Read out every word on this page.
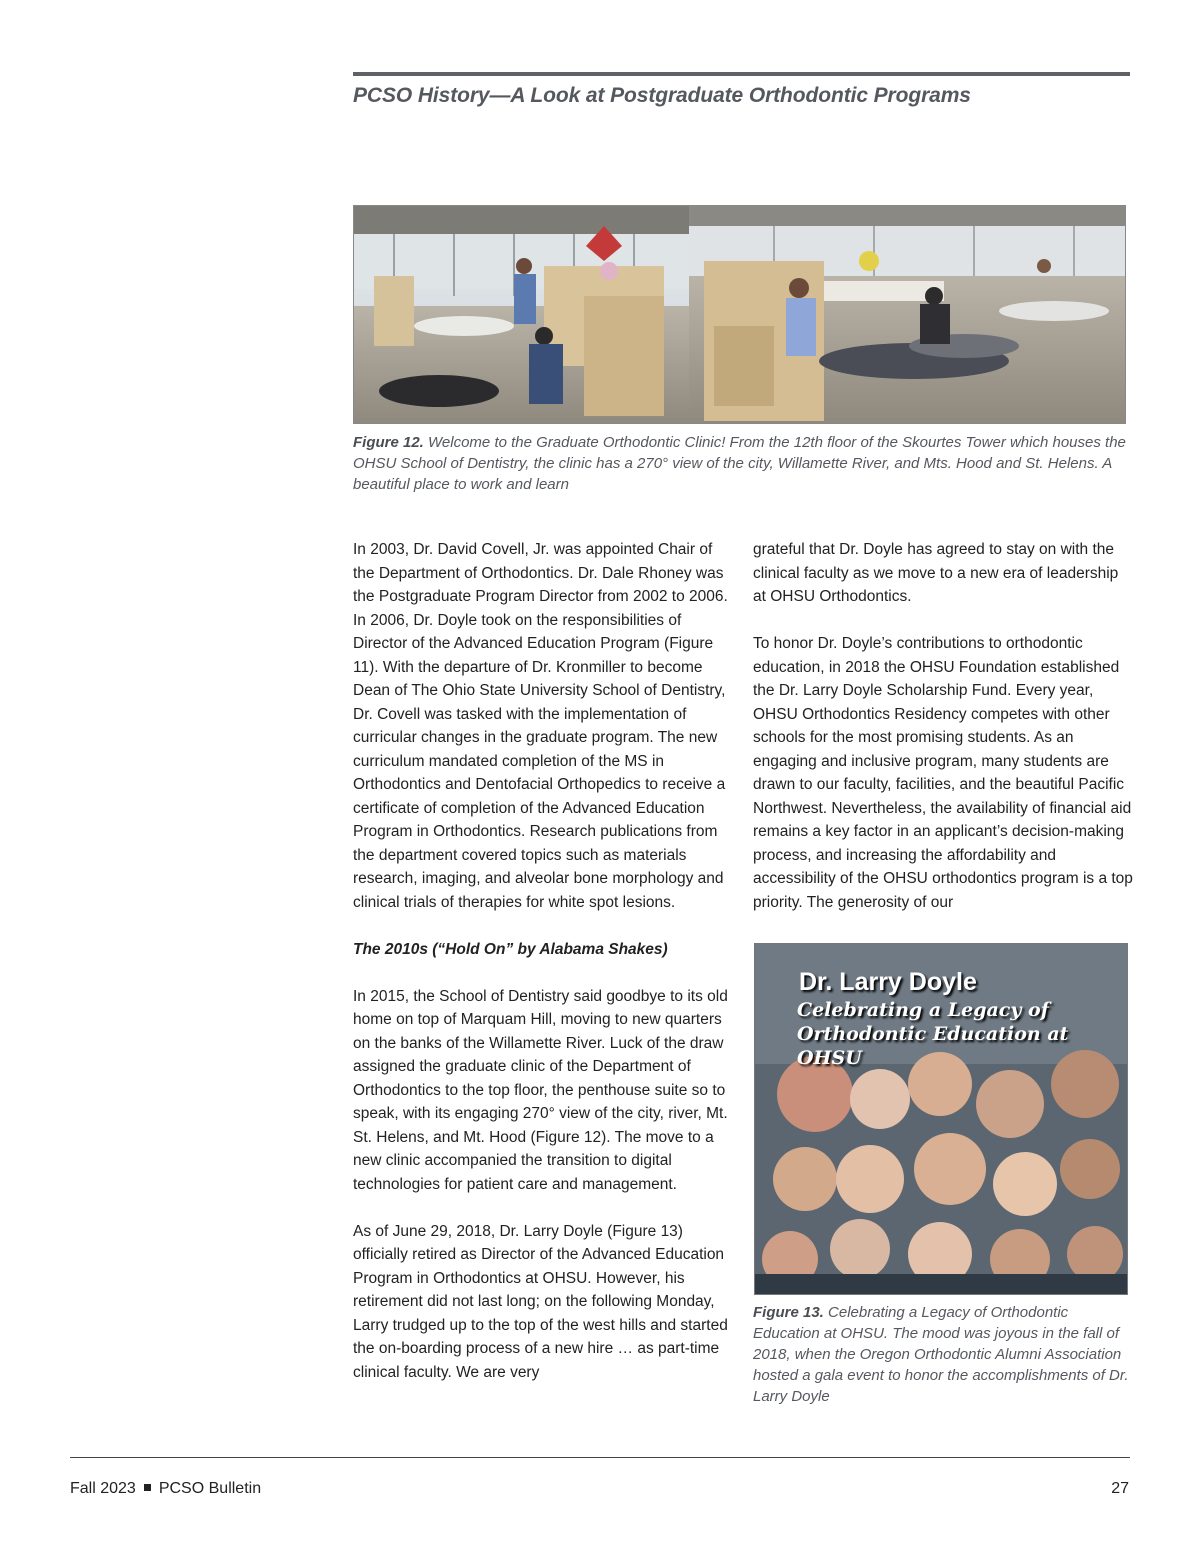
PCSO History—A Look at Postgraduate Orthodontic Programs

Figure 12. Welcome to the Graduate Orthodontic Clinic! From the 12th floor of the Skourtes Tower which houses the OHSU School of Dentistry, the clinic has a 270° view of the city, Willamette River, and Mts. Hood and St. Helens. A beautiful place to work and learn

In 2003, Dr. David Covell, Jr. was appointed Chair of the Department of Orthodontics. Dr. Dale Rhoney was the Postgraduate Program Director from 2002 to 2006. In 2006, Dr. Doyle took on the responsibilities of Director of the Advanced Education Program (Figure 11). With the departure of Dr. Kronmiller to become Dean of The Ohio State University School of Dentistry, Dr. Covell was tasked with the implementation of curricular changes in the graduate program. The new curriculum mandated completion of the MS in Orthodontics and Dentofacial Orthopedics to receive a certificate of completion of the Advanced Education Program in Orthodontics. Research publications from the department covered topics such as materials research, imaging, and alveolar bone morphology and clinical trials of therapies for white spot lesions.

The 2010s (“Hold On” by Alabama Shakes)

In 2015, the School of Dentistry said goodbye to its old home on top of Marquam Hill, moving to new quarters on the banks of the Willamette River. Luck of the draw assigned the graduate clinic of the Department of Orthodontics to the top floor, the penthouse suite so to speak, with its engaging 270° view of the city, river, Mt. St. Helens, and Mt. Hood (Figure 12). The move to a new clinic accompanied the transition to digital technologies for patient care and management.

As of June 29, 2018, Dr. Larry Doyle (Figure 13) officially retired as Director of the Advanced Education Program in Orthodontics at OHSU. However, his retirement did not last long; on the following Monday, Larry trudged up to the top of the west hills and started the on-boarding process of a new hire … as part-time clinical faculty. We are very

grateful that Dr. Doyle has agreed to stay on with the clinical faculty as we move to a new era of leadership at OHSU Orthodontics.

To honor Dr. Doyle’s contributions to orthodontic education, in 2018 the OHSU Foundation established the Dr. Larry Doyle Scholarship Fund. Every year, OHSU Orthodontics Residency competes with other schools for the most promising students. As an engaging and inclusive program, many students are drawn to our faculty, facilities, and the beautiful Pacific Northwest. Nevertheless, the availability of financial aid remains a key factor in an applicant’s decision-making process, and increasing the affordability and accessibility of the OHSU orthodontics program is a top priority. The generosity of our

Dr. Larry Doyle
Celebrating a Legacy of Orthodontic Education at OHSU

Figure 13. Celebrating a Legacy of Orthodontic Education at OHSU. The mood was joyous in the fall of 2018, when the Oregon Orthodontic Alumni Association hosted a gala event to honor the accomplishments of Dr. Larry Doyle

Fall 2023 PCSO Bulletin	27
